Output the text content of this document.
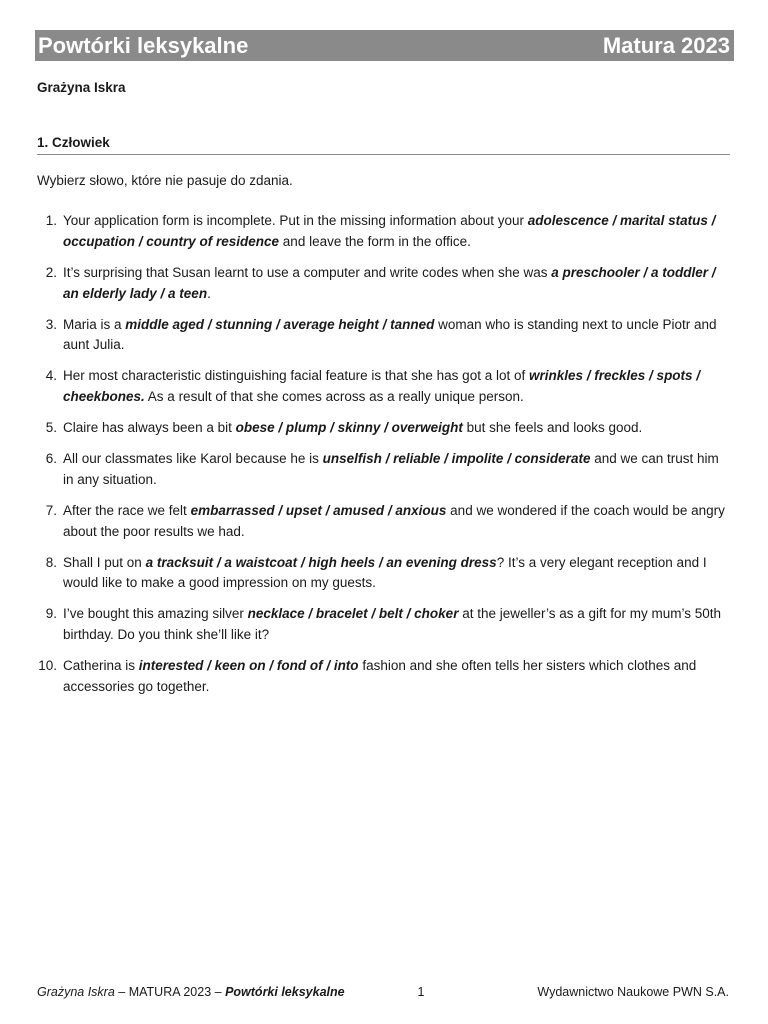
Powtórki leksykalne	Matura 2023
Grażyna Iskra
1. Człowiek
Wybierz słowo, które nie pasuje do zdania.
1. Your application form is incomplete. Put in the missing information about your adolescence / marital status / occupation / country of residence and leave the form in the office.
2. It’s surprising that Susan learnt to use a computer and write codes when she was a preschooler / a toddler / an elderly lady / a teen.
3. Maria is a middle aged / stunning / average height / tanned woman who is standing next to uncle Piotr and aunt Julia.
4. Her most characteristic distinguishing facial feature is that she has got a lot of wrinkles / freckles / spots / cheekbones. As a result of that she comes across as a really unique person.
5. Claire has always been a bit obese / plump / skinny / overweight but she feels and looks good.
6. All our classmates like Karol because he is unselfish / reliable / impolite / considerate and we can trust him in any situation.
7. After the race we felt embarrassed / upset / amused / anxious and we wondered if the coach would be angry about the poor results we had.
8. Shall I put on a tracksuit / a waistcoat / high heels / an evening dress? It’s a very elegant reception and I would like to make a good impression on my guests.
9. I’ve bought this amazing silver necklace / bracelet / belt / choker at the jeweller’s as a gift for my mum’s 50th birthday. Do you think she’ll like it?
10. Catherina is interested / keen on / fond of / into fashion and she often tells her sisters which clothes and accessories go together.
Grażyna Iskra – MATURA 2023 – Powtórki leksykalne	1	Wydawnictwo Naukowe PWN S.A.
